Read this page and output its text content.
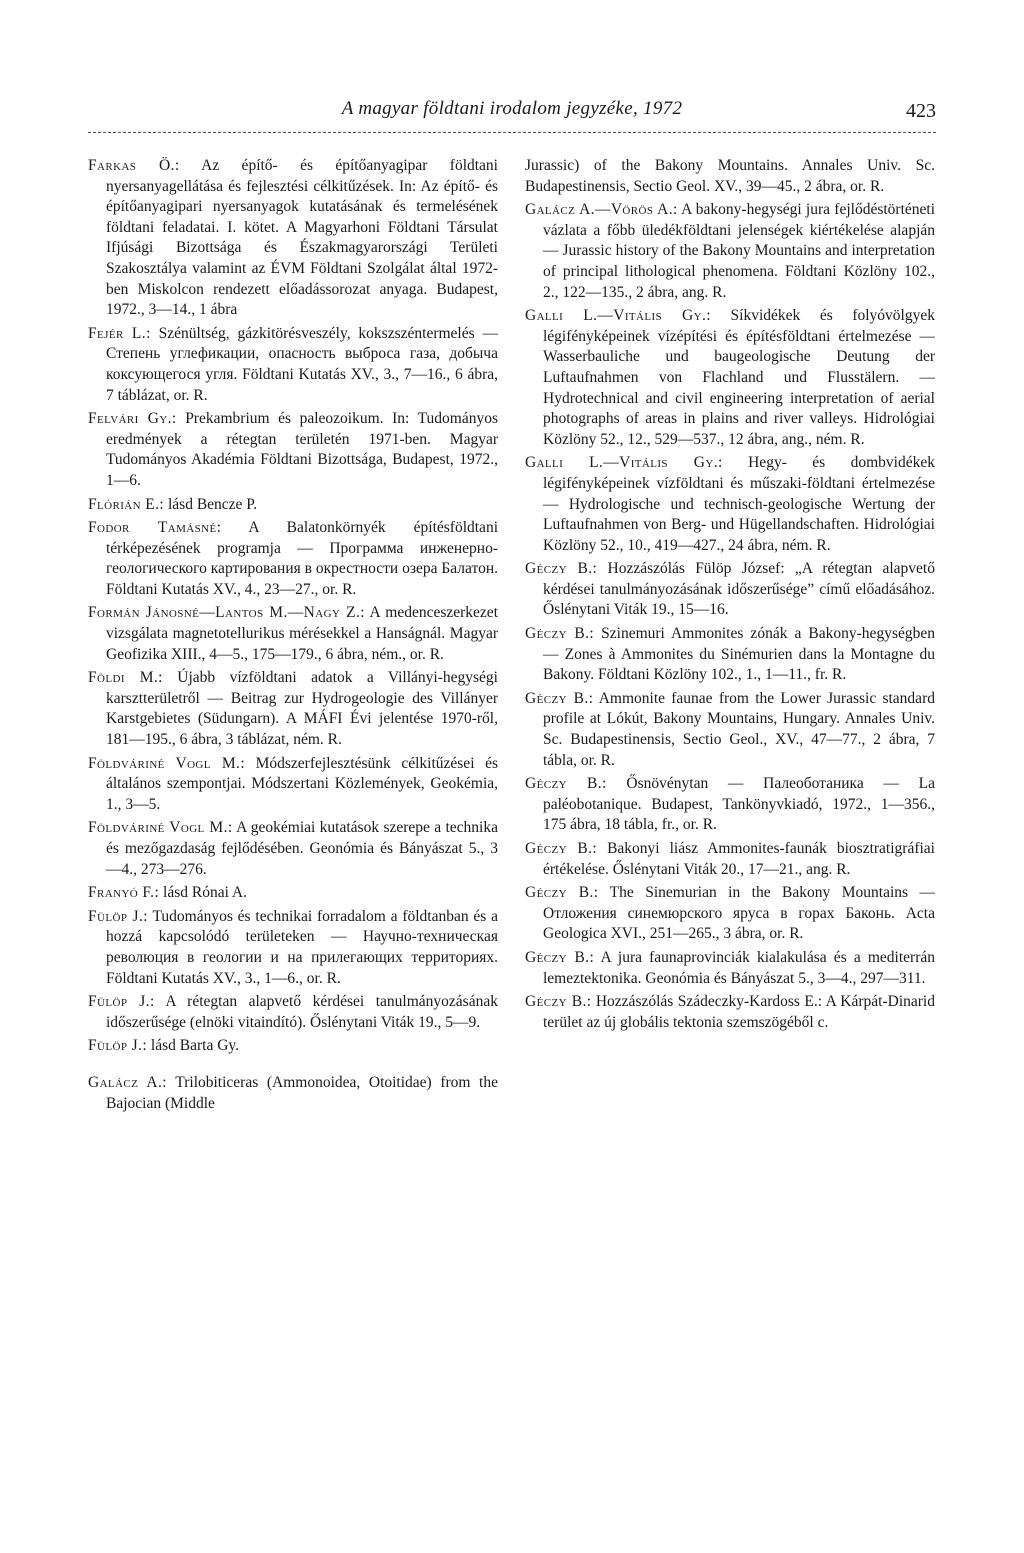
A magyar földtani irodalom jegyzéke, 1972	423

Farkas Ö.: Az építő- és építőanyagipar földtani nyersanyagellátása és fejlesztési célkitűzések. In: Az építő- és építőanyagipari nyersanyagok kutatásának és termelésének földtani feladatai. I. kötet. A Magyarhoni Földtani Társulat Ifjúsági Bizottsága és Északmagyarországi Területi Szakosztálya valamint az ÉVM Földtani Szolgálat által 1972-ben Miskolcon rendezett előadássorozat anyaga. Budapest, 1972., 3—14., 1 ábra

Fejér L.: Szénültség, gázkitörésveszély, kokszszéntermelés — Степень углефикации, опасность выброса газа, добыча коксующегося угля. Földtani Kutatás XV., 3., 7—16., 6 ábra, 7 táblázat, or. R.

Felvári Gy.: Prekambrium és paleozoikum. In: Tudományos eredmények a rétegtan területén 1971-ben. Magyar Tudományos Akadémia Földtani Bizottsága, Budapest, 1972., 1—6.

Flórián E.: lásd Bencze P.

Fodor Tamásné: A Balatonkörnyék építésföldtani térképezésének programja — Программа инженерно-геологического картирования в окрестности озера Балатон. Földtani Kutatás XV., 4., 23—27., or. R.

Formán Jánosné—Lantos M.—Nagy Z.: A medenceszerkezet vizsgálata magnetotellurikus mérésekkel a Hanságnál. Magyar Geofizika XIII., 4—5., 175—179., 6 ábra, ném., or. R.

Földi M.: Újabb vízföldtani adatok a Villányi-hegységi karsztterületről — Beitrag zur Hydrogeologie des Villányer Karstgebietes (Südungarn). A MÁFI Évi jelentése 1970-ről, 181—195., 6 ábra, 3 táblázat, ném. R.

Földváriné Vogl M.: Módszerfejlesztésünk célkitűzései és általános szempontjai. Módszertani Közlemények, Geokémia, 1., 3—5.

Földváriné Vogl M.: A geokémiai kutatások szerepe a technika és mezőgazdaság fejlődésében. Geonómia és Bányászat 5., 3—4., 273—276.

Franyó F.: lásd Rónai A.

Fülöp J.: Tudományos és technikai forradalom a földtanban és a hozzá kapcsolódó területeken — Научно-техническая революция в геологии и на прилегающих территориях. Földtani Kutatás XV., 3., 1—6., or. R.

Fülöp J.: A rétegtan alapvető kérdései tanulmányozásának időszerűsége (elnöki vitaindító). Őslénytani Viták 19., 5—9.

Fülöp J.: lásd Barta Gy.

Galácz A.: Trilobiticeras (Ammonoidea, Otoitidae) from the Bajocian (Middle

Jurassic) of the Bakony Mountains. Annales Univ. Sc. Budapestinensis, Sectio Geol. XV., 39—45., 2 ábra, or. R.

Galácz A.—Vörös A.: A bakony-hegységi jura fejlődéstörténeti vázlata a főbb üledékföldtani jelenségek kiértékelése alapján — Jurassic history of the Bakony Mountains and interpretation of principal lithological phenomena. Földtani Közlöny 102., 2., 122—135., 2 ábra, ang. R.

Galli L.—Vitális Gy.: Síkvidékek és folyóvölgyek légifényképeinek vízépítési és építésföldtani értelmezése — Wasserbauliche und baugeologische Deutung der Luftaufnahmen von Flachland und Flusstälern. — Hydrotechnical and civil engineering interpretation of aerial photographs of areas in plains and river valleys. Hidrológiai Közlöny 52., 12., 529—537., 12 ábra, ang., ném. R.

Galli L.—Vitális Gy.: Hegy- és dombvidékek légifényképeinek vízföldtani és műszaki-földtani értelmezése — Hydrologische und technisch-geologische Wertung der Luftaufnahmen von Berg- und Hügellandschaften. Hidrológiai Közlöny 52., 10., 419—427., 24 ábra, ném. R.

Géczy B.: Hozzászólás Fülöp József: „A rétegtan alapvető kérdései tanulmányozásának időszerűsége” című előadásához. Őslénytani Viták 19., 15—16.

Géczy B.: Szinemuri Ammonites zónák a Bakony-hegységben — Zones à Ammonites du Sinémurien dans la Montagne du Bakony. Földtani Közlöny 102., 1., 1—11., fr. R.

Géczy B.: Ammonite faunae from the Lower Jurassic standard profile at Lókút, Bakony Mountains, Hungary. Annales Univ. Sc. Budapestinensis, Sectio Geol., XV., 47—77., 2 ábra, 7 tábla, or. R.

Géczy B.: Ősnövénytan — Палеоботаника — La paléobotanique. Budapest, Tankönyvkiadó, 1972., 1—356., 175 ábra, 18 tábla, fr., or. R.

Géczy B.: Bakonyi liász Ammonites-faunák biosztratigráfiai értékelése. Őslénytani Viták 20., 17—21., ang. R.

Géczy B.: The Sinemurian in the Bakony Mountains — Отложения синемюрского яруса в горах Баконь. Acta Geologica XVI., 251—265., 3 ábra, or. R.

Géczy B.: A jura faunaprovinciák kialakulása és a mediterrán lemeztektonika. Geonómia és Bányászat 5., 3—4., 297—311.

Géczy B.: Hozzászólás Szádeczky-Kardoss E.: A Kárpát-Dinarid terület az új globális tektonia szemszögéből c.
